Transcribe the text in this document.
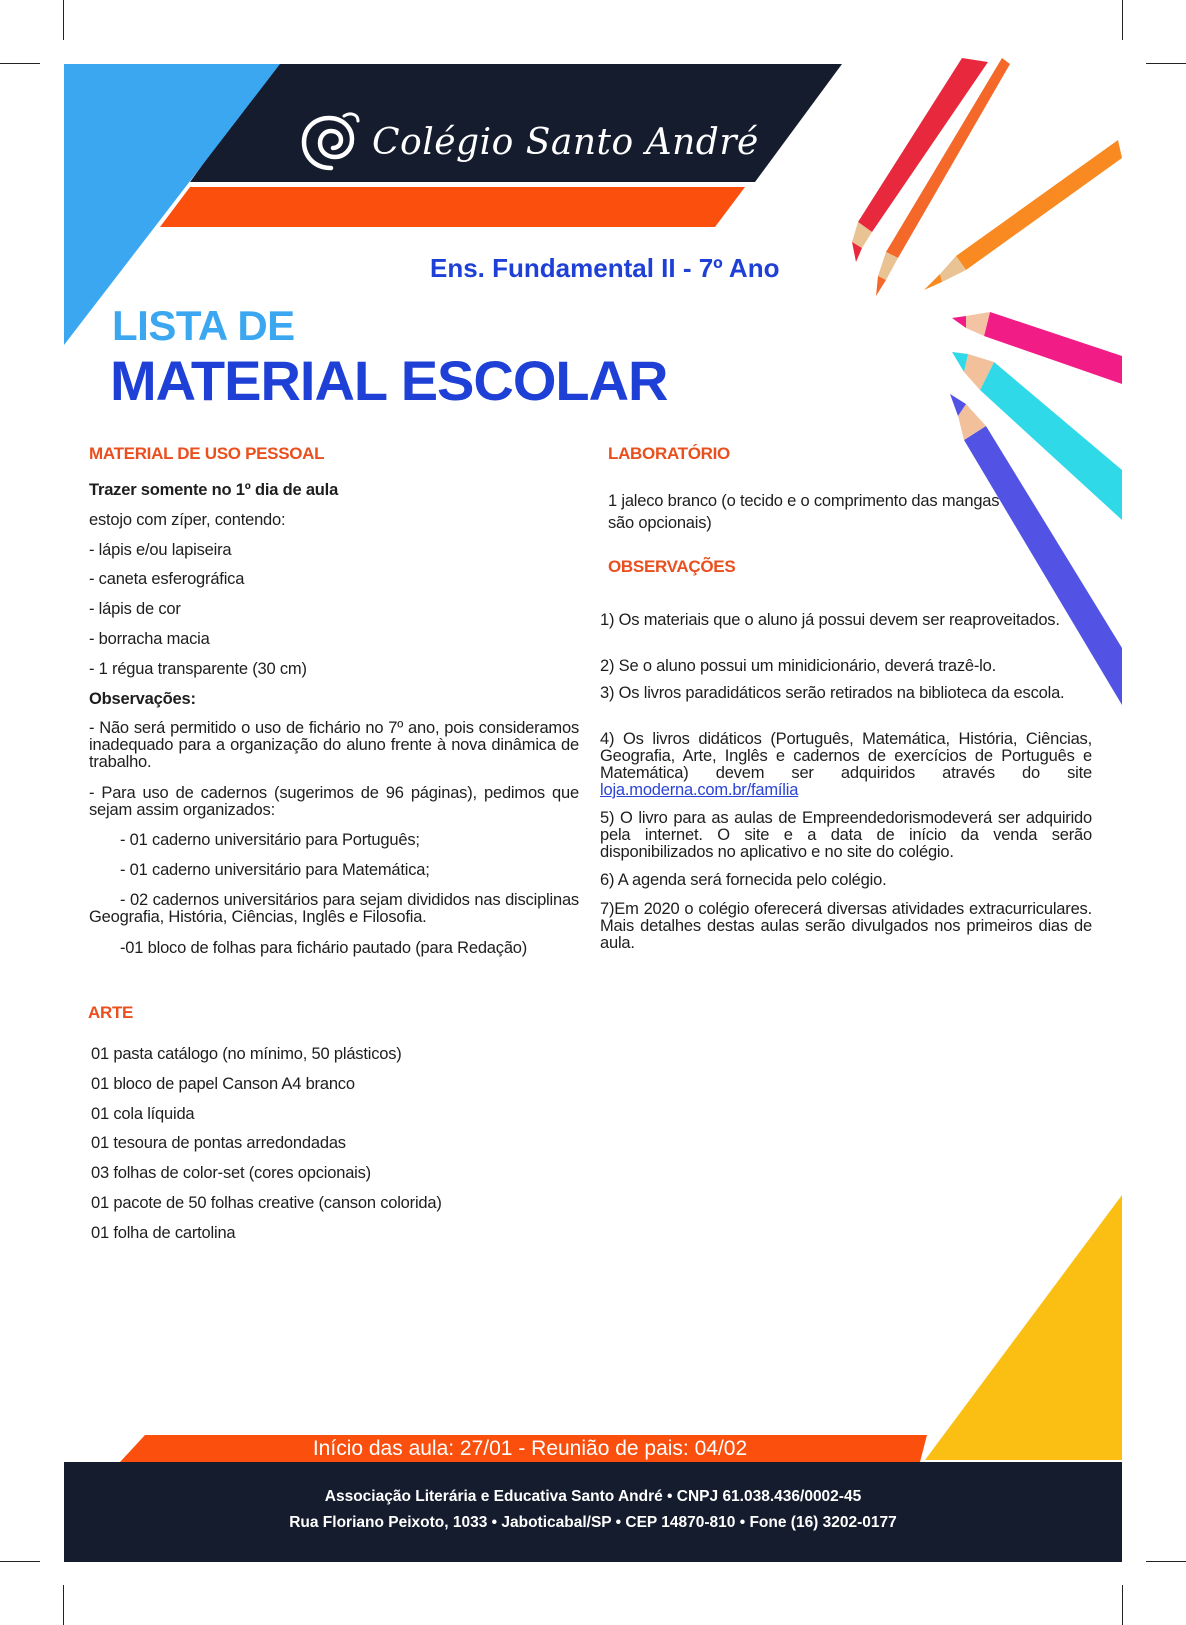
Colégio Santo André
Ens. Fundamental II - 7º Ano
LISTA DE
MATERIAL ESCOLAR
MATERIAL DE USO PESSOAL
Trazer somente no 1º dia de aula
estojo com zíper, contendo:
- lápis e/ou lapiseira
- caneta esferográfica
- lápis de cor
- borracha macia
- 1 régua transparente (30 cm)
Observações:
- Não será permitido o uso de fichário no 7º ano, pois consideramos inadequado para a organização do aluno frente à nova dinâmica de trabalho.
- Para uso de cadernos (sugerimos de 96 páginas), pedimos que sejam assim organizados:
- 01 caderno universitário para Português;
- 01 caderno universitário para Matemática;
- 02 cadernos universitários para sejam divididos nas disciplinas Geografia, História, Ciências, Inglês e Filosofia.
-01 bloco de folhas para fichário pautado (para Redação)
ARTE
01 pasta catálogo (no mínimo, 50 plásticos)
01 bloco de papel Canson A4 branco
01 cola líquida
01 tesoura de pontas arredondadas
03 folhas de color-set (cores opcionais)
01 pacote de 50 folhas creative (canson colorida)
01 folha de cartolina
LABORATÓRIO
1 jaleco branco (o tecido e o comprimento das mangas são opcionais)
OBSERVAÇÕES
1) Os materiais que o aluno já possui devem ser reaproveitados.
2) Se o aluno possui um minidicionário, deverá trazê-lo.
3) Os livros paradidáticos serão retirados na biblioteca da escola.
4) Os livros didáticos (Português, Matemática, História, Ciências, Geografia, Arte, Inglês e cadernos de exercícios de Português e Matemática) devem ser adquiridos através do site loja.moderna.com.br/família
5) O livro para as aulas de Empreendedorismodeverá ser adquirido pela internet. O site e a data de início da venda serão disponibilizados no aplicativo e no site do colégio.
6) A agenda será fornecida pelo colégio.
7)Em 2020 o colégio oferecerá diversas atividades extracurriculares. Mais detalhes destas aulas serão divulgados nos primeiros dias de aula.
Início das aula: 27/01 - Reunião de pais: 04/02
Associação Literária e Educativa Santo André • CNPJ 61.038.436/0002-45
Rua Floriano Peixoto, 1033 • Jaboticabal/SP • CEP 14870-810 • Fone (16) 3202-0177
